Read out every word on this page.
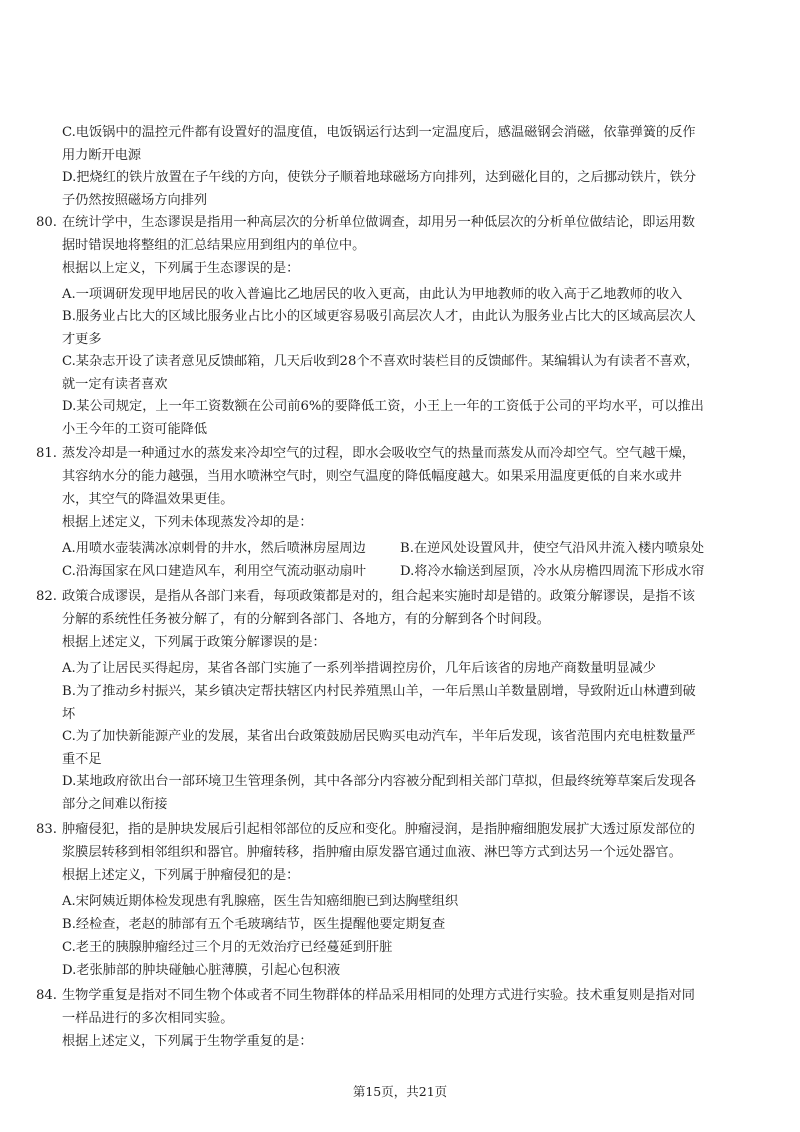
C.电饭锅中的温控元件都有设置好的温度值，电饭锅运行达到一定温度后，感温磁钢会消磁，依靠弹簧的反作
用力断开电源
D.把烧红的铁片放置在子午线的方向，使铁分子顺着地球磁场方向排列，达到磁化目的，之后挪动铁片，铁分
子仍然按照磁场方向排列
80. 在统计学中，生态谬误是指用一种高层次的分析单位做调查，却用另一种低层次的分析单位做结论，即运用数
据时错误地将整组的汇总结果应用到组内的单位中。
根据以上定义，下列属于生态谬误的是：
A.一项调研发现甲地居民的收入普遍比乙地居民的收入更高，由此认为甲地教师的收入高于乙地教师的收入
B.服务业占比大的区域比服务业占比小的区域更容易吸引高层次人才，由此认为服务业占比大的区域高层次人
才更多
C.某杂志开设了读者意见反馈邮箱，几天后收到28个不喜欢时装栏目的反馈邮件。某编辑认为有读者不喜欢，
就一定有读者喜欢
D.某公司规定，上一年工资数额在公司前6%的要降低工资，小王上一年的工资低于公司的平均水平，可以推出
小王今年的工资可能降低
81. 蒸发冷却是一种通过水的蒸发来冷却空气的过程，即水会吸收空气的热量而蒸发从而冷却空气。空气越干燥，
其容纳水分的能力越强，当用水喷淋空气时，则空气温度的降低幅度越大。如果采用温度更低的自来水或井
水，其空气的降温效果更佳。
根据上述定义，下列未体现蒸发冷却的是：
A.用喷水壶装满冰凉刺骨的井水，然后喷淋房屋周边	B.在逆风处设置风井，使空气沿风井流入楼内喷泉处
C.沿海国家在风口建造风车，利用空气流动驱动扇叶	D.将冷水输送到屋顶，冷水从房檐四周流下形成水帘
82. 政策合成谬误，是指从各部门来看，每项政策都是对的，组合起来实施时却是错的。政策分解谬误，是指不该
分解的系统性任务被分解了，有的分解到各部门、各地方，有的分解到各个时间段。
根据上述定义，下列属于政策分解谬误的是：
A.为了让居民买得起房，某省各部门实施了一系列举措调控房价，几年后该省的房地产商数量明显减少
B.为了推动乡村振兴，某乡镇决定帮扶辖区内村民养殖黑山羊，一年后黑山羊数量剧增，导致附近山林遭到破
坏
C.为了加快新能源产业的发展，某省出台政策鼓励居民购买电动汽车，半年后发现，该省范围内充电桩数量严
重不足
D.某地政府欲出台一部环境卫生管理条例，其中各部分内容被分配到相关部门草拟，但最终统筹草案后发现各
部分之间难以衔接
83. 肿瘤侵犯，指的是肿块发展后引起相邻部位的反应和变化。肿瘤浸润，是指肿瘤细胞发展扩大透过原发部位的
浆膜层转移到相邻组织和器官。肿瘤转移，指肿瘤由原发器官通过血液、淋巴等方式到达另一个远处器官。
根据上述定义，下列属于肿瘤侵犯的是：
A.宋阿姨近期体检发现患有乳腺癌，医生告知癌细胞已到达胸壁组织
B.经检查，老赵的肺部有五个毛玻璃结节，医生提醒他要定期复查
C.老王的胰腺肿瘤经过三个月的无效治疗已经蔓延到肝脏
D.老张肺部的肿块碰触心脏薄膜，引起心包积液
84. 生物学重复是指对不同生物个体或者不同生物群体的样品采用相同的处理方式进行实验。技术重复则是指对同
一样品进行的多次相同实验。
根据上述定义，下列属于生物学重复的是：
第15页，共21页
